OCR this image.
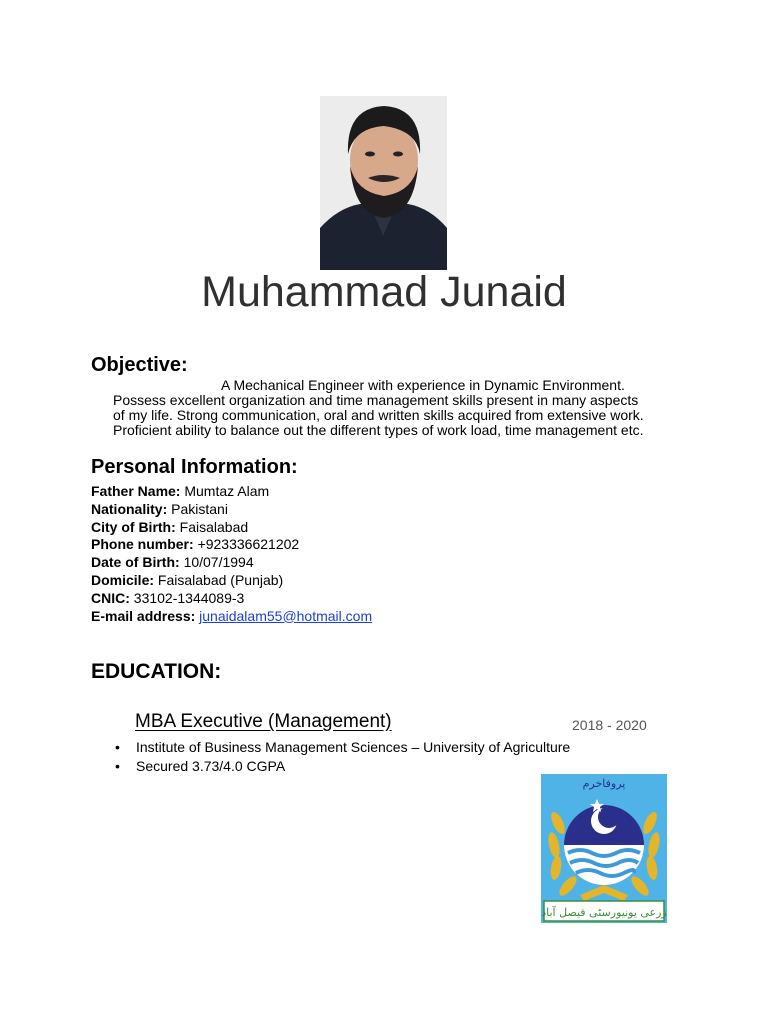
Muhammad Junaid
Objective:
A Mechanical Engineer with experience in Dynamic Environment.
Possess excellent organization and time management skills present in many aspects
of my life. Strong communication, oral and written skills acquired from extensive work.
Proficient ability to balance out the different types of work load, time management etc.
Personal Information:
Father Name: Mumtaz Alam
Nationality: Pakistani
City of Birth: Faisalabad
Phone number: +923336621202
Date of Birth: 10/07/1994
Domicile: Faisalabad (Punjab)
CNIC: 33102-1344089-3
E-mail address: junaidalam55@hotmail.com
EDUCATION:
MBA Executive (Management)	2018 - 2020
• Institute of Business Management Sciences – University of Agriculture
• Secured 3.73/4.0 CGPA
پروفاخرم
زرعی یونیورسٹی فیصل آباد
